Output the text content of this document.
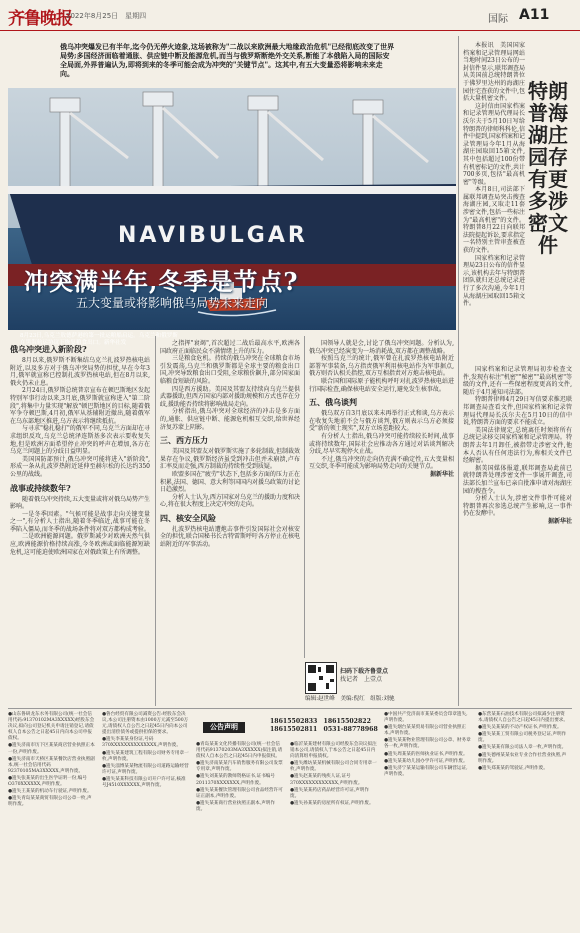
齐鲁晚报
2022年8月25日　星期四	国际 A11
俄乌冲突爆发已有半年,迄今仍无停火迹象,这场被称为"二战以来欧洲最大地缘政治危机"已经彻底改变了世界局势;多国经济面临着通胀、供应链中断及能源危机,而当与俄罗斯断绝外交关系,断能了本俄陷入局的国际安全局面,外界普遍认为,即将到来的冬季可能会成为冲突的"关键节点"。这其中,有五大变量恐将影响未来走向。
NAVIBULGAR
8月23日,乌克兰敖德萨港的第一批运粮船启运。乌克兰和俄罗斯在黑海航运协议下恢复粮食出口。新华社发
冲突满半年,冬季是节点?
五大变量或将影响俄乌局势未来走向
俄乌冲突进入新阶段?

8月以来,俄罗斯不断集结乌克兰扎波罗热核电站附近,以及多方对于俄乌冲突局势的担忧,早在今年3月,俄军就宣称已控制扎波罗热核电站,但在8月以来,俄火仍未止息。

2月24日,俄罗斯总统普京宣布在顿巴斯地区发起特别军事行动以来,3月底,俄罗斯就宣称进入"第二阶段",将集中力量实现"解放"顿巴斯地区的目标,随着俄军争夺顿巴斯,4月初,俄军从基辅附近撤出,随着俄军在乌东部地区推进,乌方表示将继续抵抗。

与寻求"稳扎稳打"的俄军不同,乌克兰方面却在寻求组织反攻,乌克兰总统泽连斯基多次表示要收复失地,但是欧洲方面希望停止冲突的呼声在增加,各方在乌克兰问题上的分歧日益明显。

美国国防部预计,俄乌冲突可能将进入"新阶段",形成一条从扎波罗热附近延伸至赫尔松的长达约350公里的战线。

战事或持续数年?

随着俄乌冲突持续,五大变量或将对俄乌局势产生影响。

一是冬季因素。"气候可能是战事走向关键变量之一",有分析人士指出,随着冬季临近,战事可能在冬季陷入僵局,而冬季的战场条件将对双方都构成考验。

二是欧洲能源问题。俄罗斯减少对欧洲天然气供应,欧洲能源价格持续高涨,今冬欧洲或面临能源短缺危机,这可能迫使欧洲国家在对俄政策上有所调整。

之指挥"衰竭",首次超过二战后最高水平,欧洲各国政府正面临民众不满情绪上升的压力。

三是粮食危机。持续的俄乌冲突在全球粮食市场引发震荡,乌克兰和俄罗斯都是全球主要的粮食出口国,冲突导致粮食出口受阻,全球粮价飙升,部分国家面临粮食短缺的风险。

四是西方援助。美国及其盟友持续向乌克兰提供武器援助,但西方国家内部对援助规模和方式也存在分歧,援助能否持续将影响战局走向。

分析指出,俄乌冲突对全球经济的冲击是多方面的,通胀、供应链中断、能源危机相互交织,给世界经济复苏蒙上阴影。

三、西方压力

美国及其盟友对俄罗斯实施了多轮制裁,但制裁效果存在争议,俄罗斯经济虽受到冲击但并未崩溃,卢布汇率反而走强,西方制裁的持续性受到质疑。

欧盟多国在"疲劳"状态下,包括多方面的压力正在积累,法国、德国、意大利等国国内对援乌政策的讨论日趋激烈。

分析人士认为,西方国家对乌克兰的援助力度和决心,将在很大程度上决定冲突的走向。

四、核安全风险

扎波罗热核电站遭炮击事件引发国际社会对核安全的担忧,联合国秘书长古特雷斯呼吁各方停止在核电站附近的军事活动。

国领导人就是会,讨论了俄乌冲突问题。分析认为,俄乌冲突已经演变为一场消耗战,双方都在调整战略。

按照乌克兰的统计,俄军曾在扎波罗热核电站附近部署军事装备,乌方指责俄军利用核电站作为军事据点,俄方则否认相关指控,双方互相指责对方炮击核电站。

联合国和国际原子能机构呼吁对扎波罗热核电站进行国际检查,确保核电站安全运行,避免发生核事故。

五、俄乌谈判

俄乌双方自3月底以来未再举行正式和谈,乌方表示在收复失地前不会与俄方谈判,俄方则表示乌方必须接受"新的领土现实",双方立场差距较大。

有分析人士指出,俄乌冲突可能持续较长时间,战事或将持续数年,国际社会应推动各方通过对话谈判解决分歧,尽早实现停火止战。

不过,俄乌冲突的走向仍充满不确定性,五大变量相互交织,冬季可能成为影响局势走向的关键节点。

据新华社

扫码下载齐鲁壹点
找记者　上壹点
编辑:赵世峰　美编:倪红　组版:刘驰

本报讯　美国国家档案和记录管理局网站当地时间23日公布的一封信件显示,联邦调查局从美国前总统特朗普位于佛罗里达州的海湖庄园住宅查获的文件中,包括大量机密文件。

这封信由国家档案和记录管理局代理局长沃尔夫于5月10日写给特朗普的律师科科伦,信件中提到,国家档案和记录管理局今年1月从海湖庄园取回15箱文件,其中包括超过100份带有机密标记的文件,共计700多页,包括"最高机密"等级。

本月8日,司法部下属联邦调查局突击搜查海湖庄园,又取走11套涉密文件,包括一些标注为"最高机密"的文件。特朗普8月22日向联邦法院提起诉讼,要求指定一名特别主管审查被查获的文件。

国家档案和记录管理局23日公布的信件显示,该机构去年与特朗普团队就归还总统记录进行了多次沟通,今年1月从海湖庄园取回15箱文件。

特朗普海湖庄园存有更多涉密文件

国家档案和记录管理局初步检查文件,发现有标注"机密""秘密""最高机密"等级的文件,还有一些保密程度更高的文件,随后于4月通知司法部。

特朗普律师4月29日写信要求推迟联邦调查局查看文件,但国家档案和记录管理局代理局长沃尔夫在5月10日的信中说,特朗普方面的要求不能成立。

美国法律规定,总统离任时须将所有总统记录移交国家档案和记录管理局。特朗普去年1月卸任,被指带走涉密文件,他本人否认有任何违法行为,称相关文件已经解密。

据美国媒体报道,联邦调查局此前已就特朗普处理涉密文件一事展开调查,司法部长加兰宣布已亲自批准申请对海湖庄园的搜查令。

分析人士认为,涉密文件事件可能对特朗普再次参选总统产生影响,这一事件仍在发酵中。

据新华社

公告声明
18615502833　18615502822
18615502811　0531-88778968

●山东鲁研龙东水务有限公司(统一社会信用代码:91370102MA3XXXXX)经股东会决议,拟向公司登记机关申请注销登记,请债权人自本公告之日起45日内向本公司申报债权。

●遗失济南市历下区某某商店营业执照正本一份,声明作废。

●遗失济南市天桥区某某餐饮店营业执照副本,统一社会信用代码92370105MA3XXXXX,声明作废。

●遗失张某某的出生医学证明一份,编号O370XXXXXX,声明作废。

●遗失王某某的机动车行驶证,声明作废。

●遗失青岛某某商贸有限公司公章一枚,声明作废。

●鲁台经贸有限公司减资公告:经股东会决议,本公司注册资本由1000万元减至500万元,请债权人自公告之日起45日内向本公司提出清偿债务或提供担保的要求。

●遗失李某某身份证,号码370XXXXXXXXXXXXXX,声明作废。

●遗失某某建筑工程有限公司财务专用章一枚,声明作废。

●遗失淄博某某物流有限公司道路运输经营许可证,声明作废。

●遗失某某科技有限公司开户许可证,核准号J4510XXXXXX,声明作废。

●青岛某某文化传播有限公司(统一社会信用代码91370203MA3XXXXX)拟注销,请债权人自本公告之日起45日内申报债权。

●遗失济南某某汽车销售服务有限公司发票专用章,声明作废。

●遗失刘某某的教师资格证书,证书编号2011370XXXXXXX,声明作废。

●遗失某某餐饮管理有限公司食品经营许可证正副本,声明作废。

●遗失某某商行营业执照正副本,声明作废。

●临沂某某建材有限公司经股东会决议拟注销本公司,请债权人于本公告之日起45日内向清算组申报债权。

●遗失潍坊某某机械有限公司合同专用章一枚,声明作废。

●遗失赵某某的残疾人证,证号370XXXXXXXXXXXX,声明作废。

●遗失某某药店药品经营许可证,声明作废。

●遗失孙某某的房屋所有权证,声明作废。

●中国共产党济南市某某委员会印章遗失,声明作废。

●遗失烟台某某贸易有限公司营业执照正本,声明作废。

●遗失某某物业管理有限公司公章、财务章各一枚,声明作废。

●遗失周某某的医师执业证书,声明作废。

●遗失某某幼儿园办学许可证,声明作废。

●遗失济宁某某运输有限公司车辆营运证,声明作废。

●东营某某石油技术有限公司拟减少注册资本,请债权人自公告之日起45日内提出要求。

●遗失吴某某的不动产权证书,声明作废。

●遗失某某工贸有限公司税务登记证,声明作废。

●遗失某某有限公司法人章一枚,声明作废。

●遗失德州某某农业专业合作社营业执照,声明作废。

●遗失郑某某的驾驶证,声明作废。
